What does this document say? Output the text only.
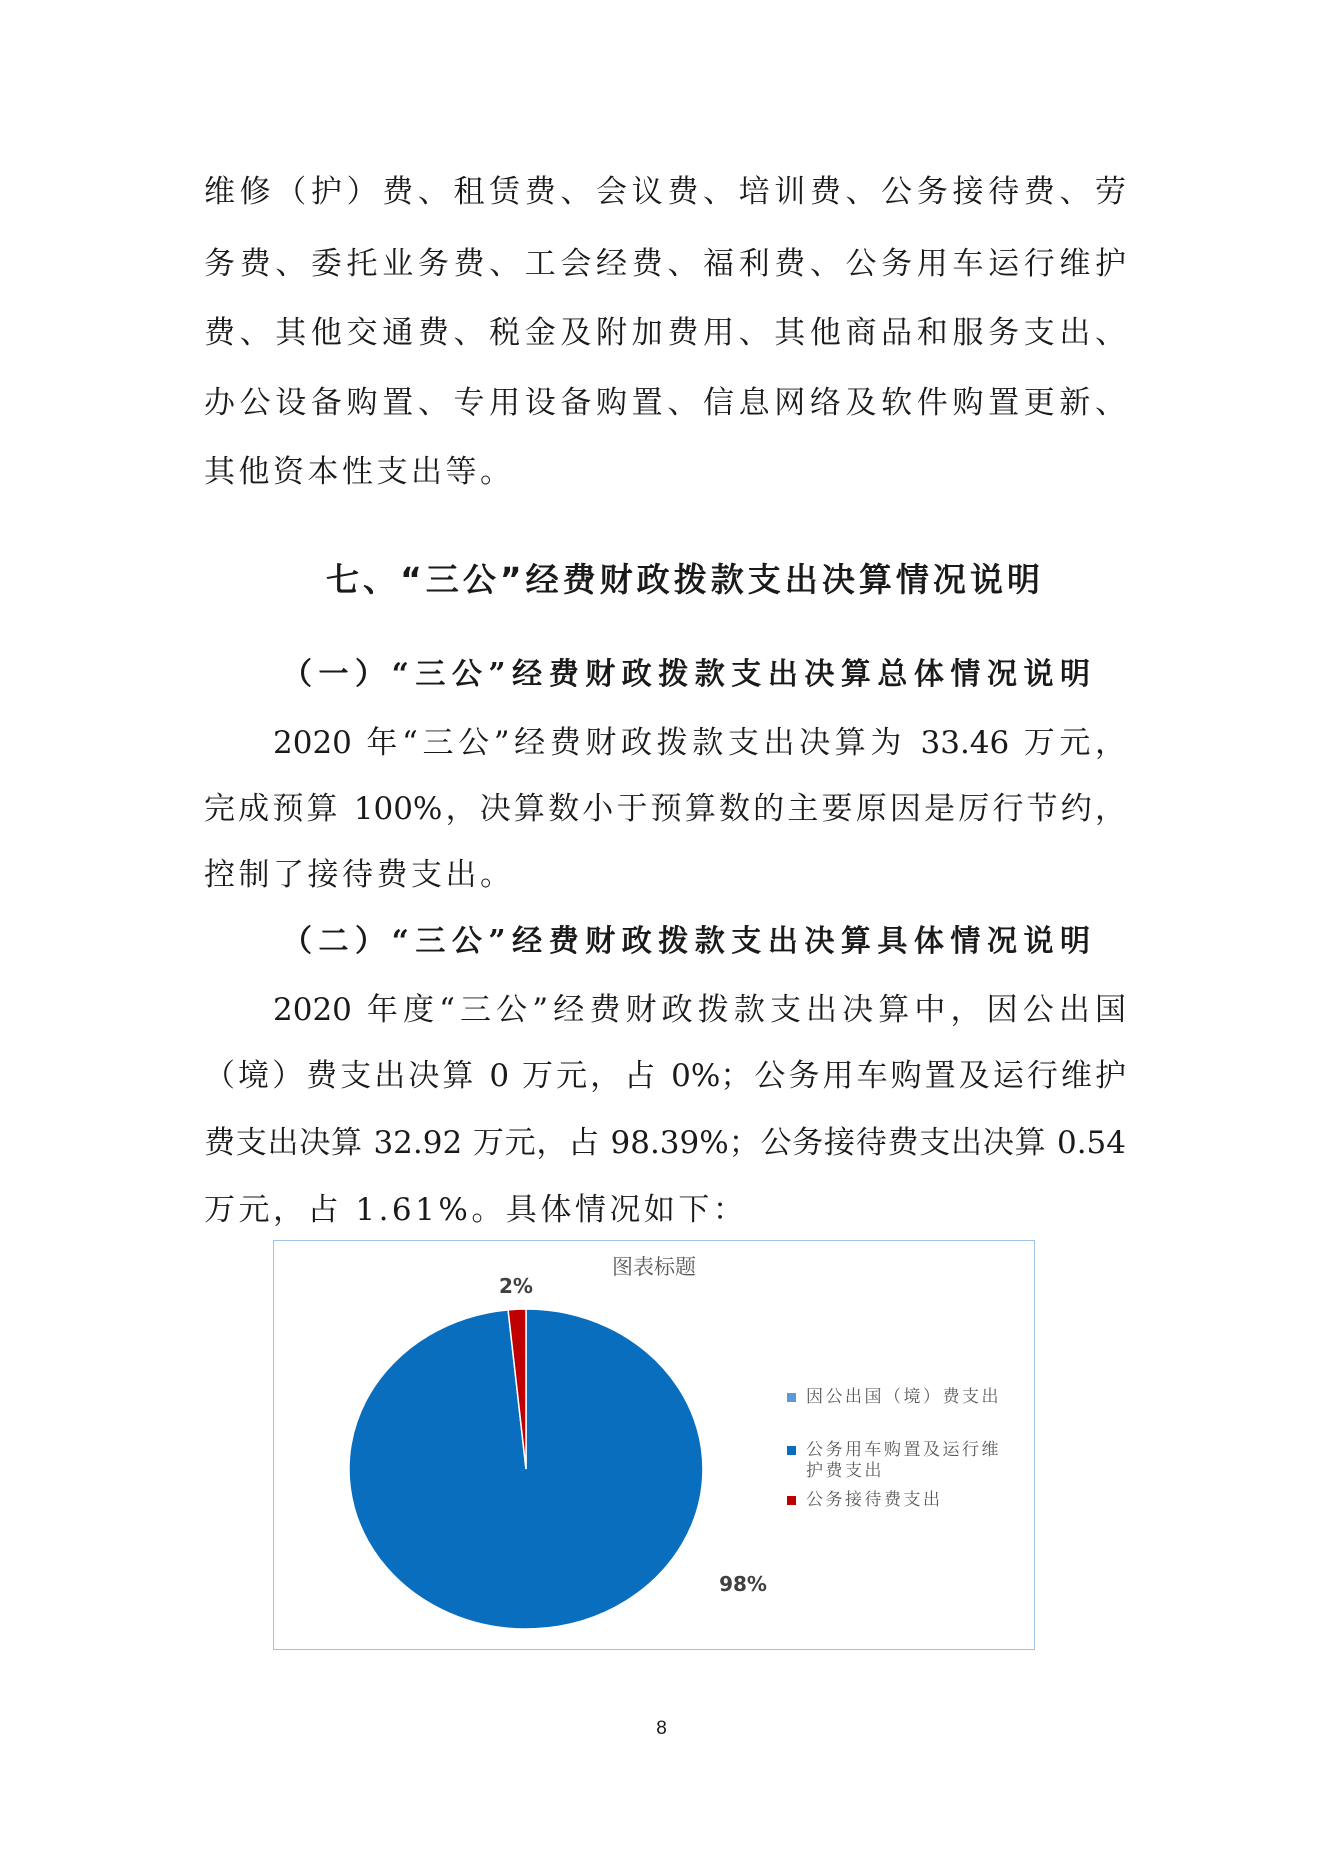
维修（护）费、租赁费、会议费、培训费、公务接待费、劳
务费、委托业务费、工会经费、福利费、公务用车运行维护
费、其他交通费、税金及附加费用、其他商品和服务支出、
办公设备购置、专用设备购置、信息网络及软件购置更新、
其他资本性支出等。
七、“三公”经费财政拨款支出决算情况说明
（一）“三公”经费财政拨款支出决算总体情况说明
2020 年“三公”经费财政拨款支出决算为 33.46 万元，
完成预算 100%，决算数小于预算数的主要原因是厉行节约，
控制了接待费支出。
（二）“三公”经费财政拨款支出决算具体情况说明
2020 年度“三公”经费财政拨款支出决算中，因公出国
（境）费支出决算 0 万元，占 0%；公务用车购置及运行维护
费支出决算 32.92 万元，占 98.39%；公务接待费支出决算 0.54
万元，占 1.61%。具体情况如下：
图表标题
2%
98%
因公出国（境）费支出
公务用车购置及运行维护费支出
公务接待费支出
8
